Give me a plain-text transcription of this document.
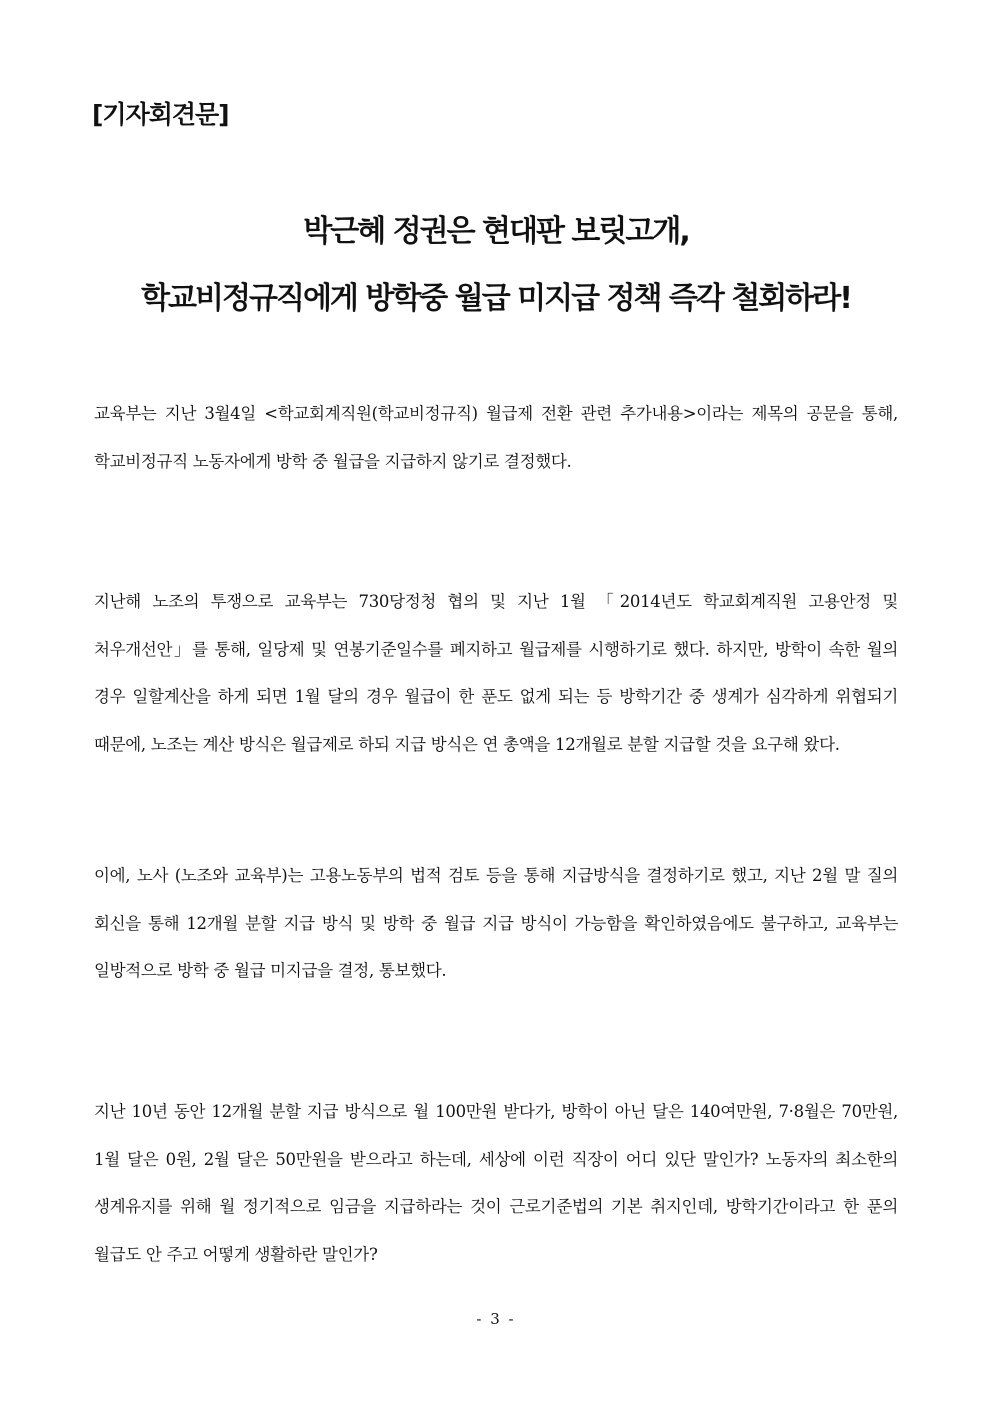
[기자회견문]
박근혜 정권은 현대판 보릿고개,
학교비정규직에게 방학중 월급 미지급 정책 즉각 철회하라!

교육부는 지난 3월4일 <학교회계직원(학교비정규직) 월급제 전환 관련 추가내용>이라는 제목의 공문을 통해, 학교비정규직 노동자에게 방학 중 월급을 지급하지 않기로 결정했다.

지난해 노조의 투쟁으로 교육부는 730당정청 협의 및 지난 1월 「2014년도 학교회계직원 고용안정 및 처우개선안」를 통해, 일당제 및 연봉기준일수를 폐지하고 월급제를 시행하기로 했다. 하지만, 방학이 속한 월의 경우 일할계산을 하게 되면 1월 달의 경우 월급이 한 푼도 없게 되는 등 방학기간 중 생계가 심각하게 위협되기 때문에, 노조는 계산 방식은 월급제로 하되 지급 방식은 연 총액을 12개월로 분할 지급할 것을 요구해 왔다.

이에, 노사 (노조와 교육부)는 고용노동부의 법적 검토 등을 통해 지급방식을 결정하기로 했고, 지난 2월 말 질의 회신을 통해 12개월 분할 지급 방식 및 방학 중 월급 지급 방식이 가능함을 확인하였음에도 불구하고, 교육부는 일방적으로 방학 중 월급 미지급을 결정, 통보했다.

지난 10년 동안 12개월 분할 지급 방식으로 월 100만원 받다가, 방학이 아닌 달은 140여만원, 7·8월은 70만원, 1월 달은 0원, 2월 달은 50만원을 받으라고 하는데, 세상에 이런 직장이 어디 있단 말인가? 노동자의 최소한의 생계유지를 위해 월 정기적으로 임금을 지급하라는 것이 근로기준법의 기본 취지인데, 방학기간이라고 한 푼의 월급도 안 주고 어떻게 생활하란 말인가?

- 3 -
